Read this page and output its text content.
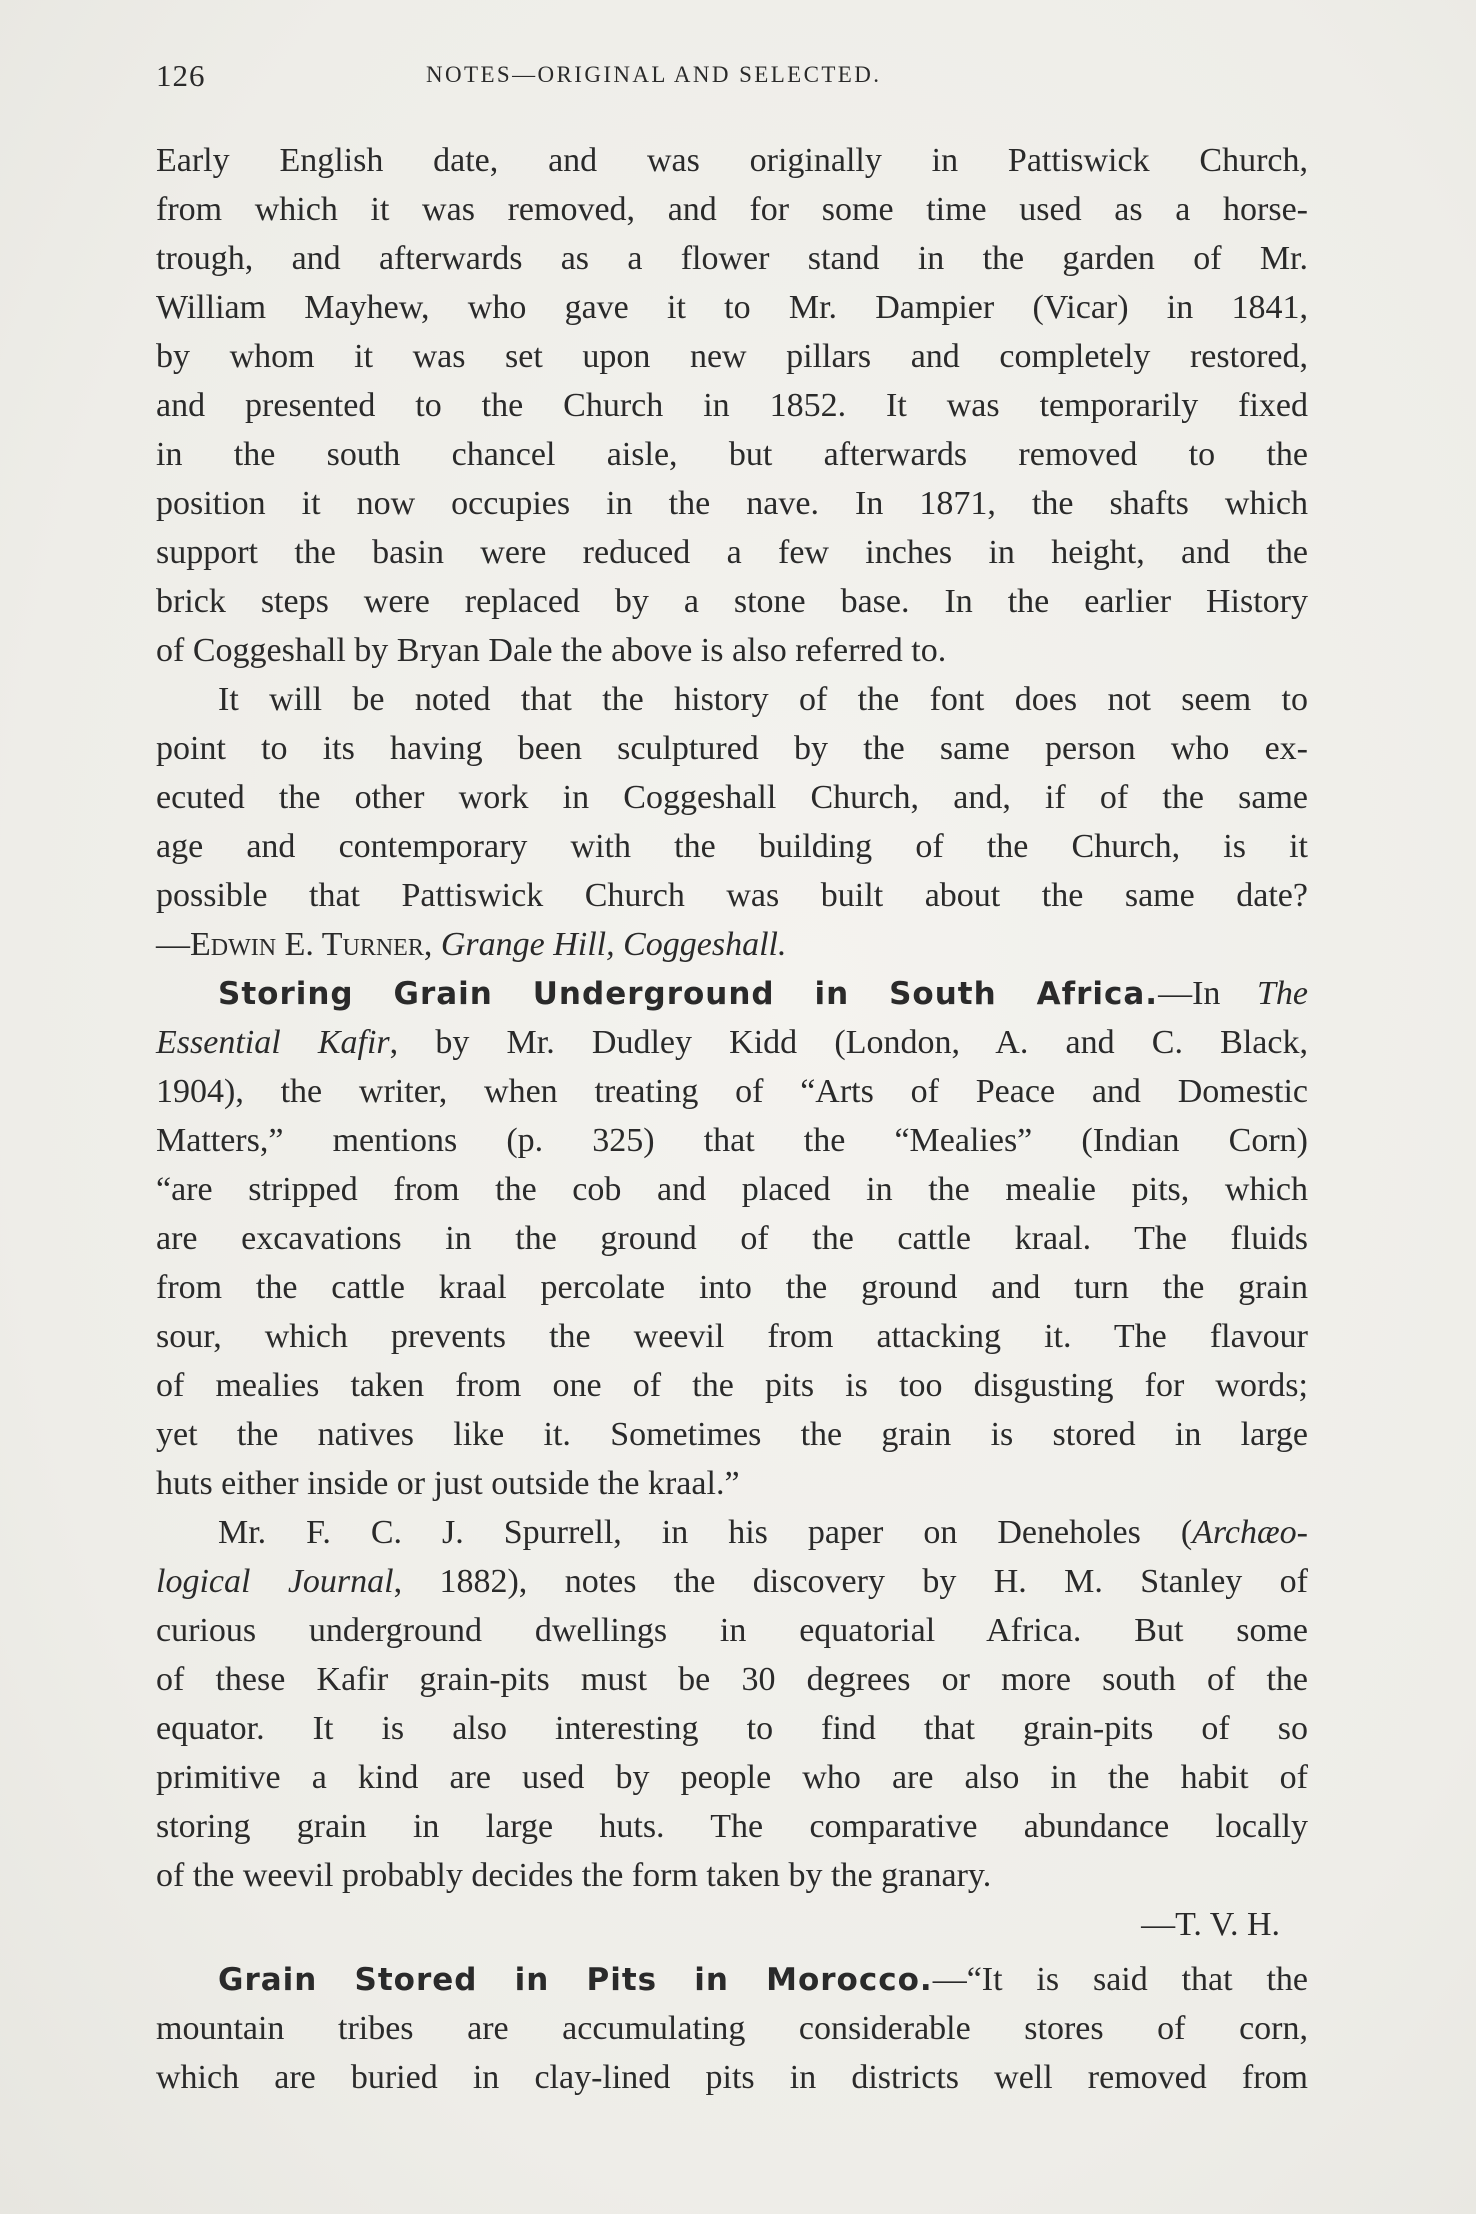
126	NOTES—ORIGINAL AND SELECTED.
Early English date, and was originally in Pattiswick Church,
from which it was removed, and for some time used as a horse-
trough, and afterwards as a flower stand in the garden of Mr.
William Mayhew, who gave it to Mr. Dampier (Vicar) in 1841,
by whom it was set upon new pillars and completely restored,
and presented to the Church in 1852. It was temporarily fixed
in the south chancel aisle, but afterwards removed to the
position it now occupies in the nave. In 1871, the shafts which
support the basin were reduced a few inches in height, and the
brick steps were replaced by a stone base. In the earlier History
of Coggeshall by Bryan Dale the above is also referred to.
It will be noted that the history of the font does not seem to
point to its having been sculptured by the same person who ex-
ecuted the other work in Coggeshall Church, and, if of the same
age and contemporary with the building of the Church, is it
possible that Pattiswick Church was built about the same date?
—Edwin E. Turner, Grange Hill, Coggeshall.
Storing Grain Underground in South Africa.—In The
Essential Kafir, by Mr. Dudley Kidd (London, A. and C. Black,
1904), the writer, when treating of “Arts of Peace and Domestic
Matters,” mentions (p. 325) that the “Mealies” (Indian Corn)
“are stripped from the cob and placed in the mealie pits, which
are excavations in the ground of the cattle kraal. The fluids
from the cattle kraal percolate into the ground and turn the grain
sour, which prevents the weevil from attacking it. The flavour
of mealies taken from one of the pits is too disgusting for words;
yet the natives like it. Sometimes the grain is stored in large
huts either inside or just outside the kraal.”
Mr. F. C. J. Spurrell, in his paper on Deneholes (Archæo-
logical Journal, 1882), notes the discovery by H. M. Stanley of
curious underground dwellings in equatorial Africa. But some
of these Kafir grain-pits must be 30 degrees or more south of the
equator. It is also interesting to find that grain-pits of so
primitive a kind are used by people who are also in the habit of
storing grain in large huts. The comparative abundance locally
of the weevil probably decides the form taken by the granary.
—T. V. H.
Grain Stored in Pits in Morocco.—“It is said that the
mountain tribes are accumulating considerable stores of corn,
which are buried in clay-lined pits in districts well removed from
